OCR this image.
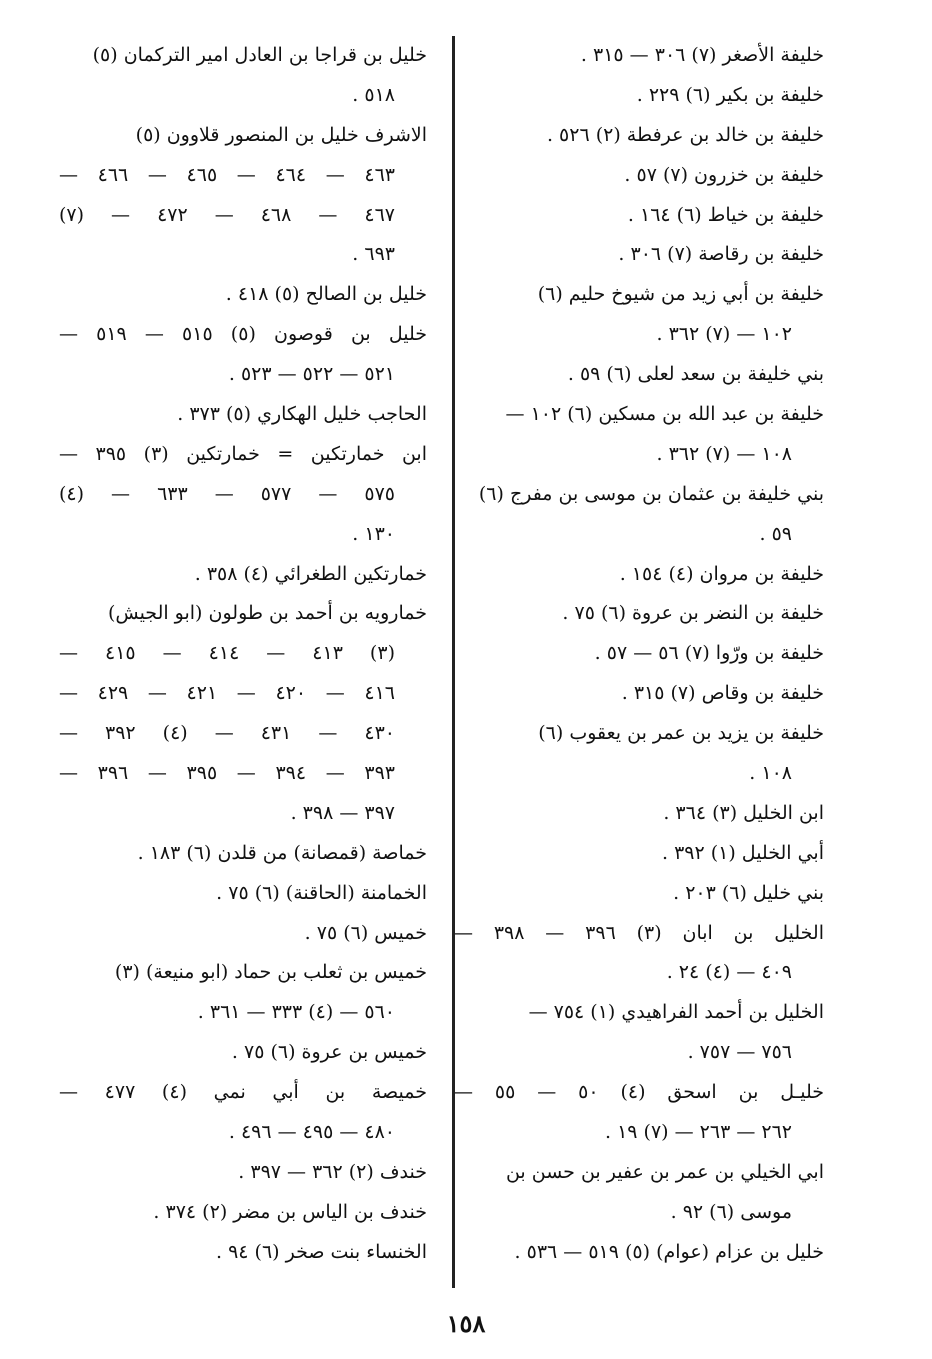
خليفة الأصغر (٧) ٣٠٦ — ٣١٥ .
خليفة بن بكير (٦) ٢٢٩ .
خليفة بن خالد بن عرفطة (٢) ٥٢٦ .
خليفة بن خزرون (٧) ٥٧ .
خليفة بن خياط (٦) ١٦٤ .
خليفة بن رقاصة (٧) ٣٠٦ .
خليفة بن أبي زيد من شيوخ حليم (٦)
١٠٢ — (٧) ٣٦٢ .
بني خليفة بن سعد لعلى (٦) ٥٩ .
خليفة بن عبد الله بن مسكين (٦) ١٠٢ —
١٠٨ — (٧) ٣٦٢ .
بني خليفة بن عثمان بن موسى بن مفرج (٦)
٥٩ .
خليفة بن مروان (٤) ١٥٤ .
خليفة بن النضر بن عروة (٦) ٧٥ .
خليفة بن ورّوا (٧) ٥٦ — ٥٧ .
خليفة بن وقاص (٧) ٣١٥ .
خليفة بن يزيد بن عمر بن يعقوب (٦)
١٠٨ .
ابن الخليل (٣) ٣٦٤ .
أبي الخليل (١) ٣٩٢ .
بني خليل (٦) ٢٠٣ .
الخليل بن ابان (٣) ٣٩٦ — ٣٩٨ —
٤٠٩ — (٤) ٢٤ .
الخليل بن أحمد الفراهيدي (١) ٧٥٤ —
٧٥٦ — ٧٥٧ .
خليـل بن اسحق (٤) ٥٠ — ٥٥ —
٢٦٢ — ٢٦٣ — (٧) ١٩ .
ابي الخيلي بن عمر بن عفير بن حسن بن
موسى (٦) ٩٢ .
خليل بن عزام (عوام) (٥) ٥١٩ — ٥٣٦ .
خليل بن قراجا بن العادل امير التركمان (٥)
٥١٨ .
الاشرف خليل بن المنصور قلاوون (٥)
٤٦٣ — ٤٦٤ — ٤٦٥ — ٤٦٦ —
٤٦٧ — ٤٦٨ — ٤٧٢ — (٧)
٦٩٣ .
خليل بن الصالح (٥) ٤١٨ .
خليل بن قوصون (٥) ٥١٥ — ٥١٩ —
٥٢١ — ٥٢٢ — ٥٢٣ .
الحاجب خليل الهكاري (٥) ٣٧٣ .
ابن خمارتكين = خمارتكين (٣) ٣٩٥ —
٥٧٥ — ٥٧٧ — ٦٣٣ — (٤)
١٣٠ .
خمارتكين الطغرائي (٤) ٣٥٨ .
خمارويه بن أحمد بن طولون (ابو الجيش)
(٣) ٤١٣ — ٤١٤ — ٤١٥ —
٤١٦ — ٤٢٠ — ٤٢١ — ٤٢٩ —
٤٣٠ — ٤٣١ — (٤) ٣٩٢ —
٣٩٣ — ٣٩٤ — ٣٩٥ — ٣٩٦ —
٣٩٧ — ٣٩٨ .
خماصة (قمصانة) من قلدن (٦) ١٨٣ .
الخمامنة (الحاقنة) (٦) ٧٥ .
خميس (٦) ٧٥ .
خميس بن ثعلب بن حماد (ابو منيعة) (٣)
٥٦٠ — (٤) ٣٣٣ — ٣٦١ .
خميس بن عروة (٦) ٧٥ .
خميصة بن أبي نمي (٤) ٤٧٧ —
٤٨٠ — ٤٩٥ — ٤٩٦ .
خندف (٢) ٣٦٢ — ٣٩٧ .
خندف بن الياس بن مضر (٢) ٣٧٤ .
الخنساء بنت صخر (٦) ٩٤ .
١٥٨
